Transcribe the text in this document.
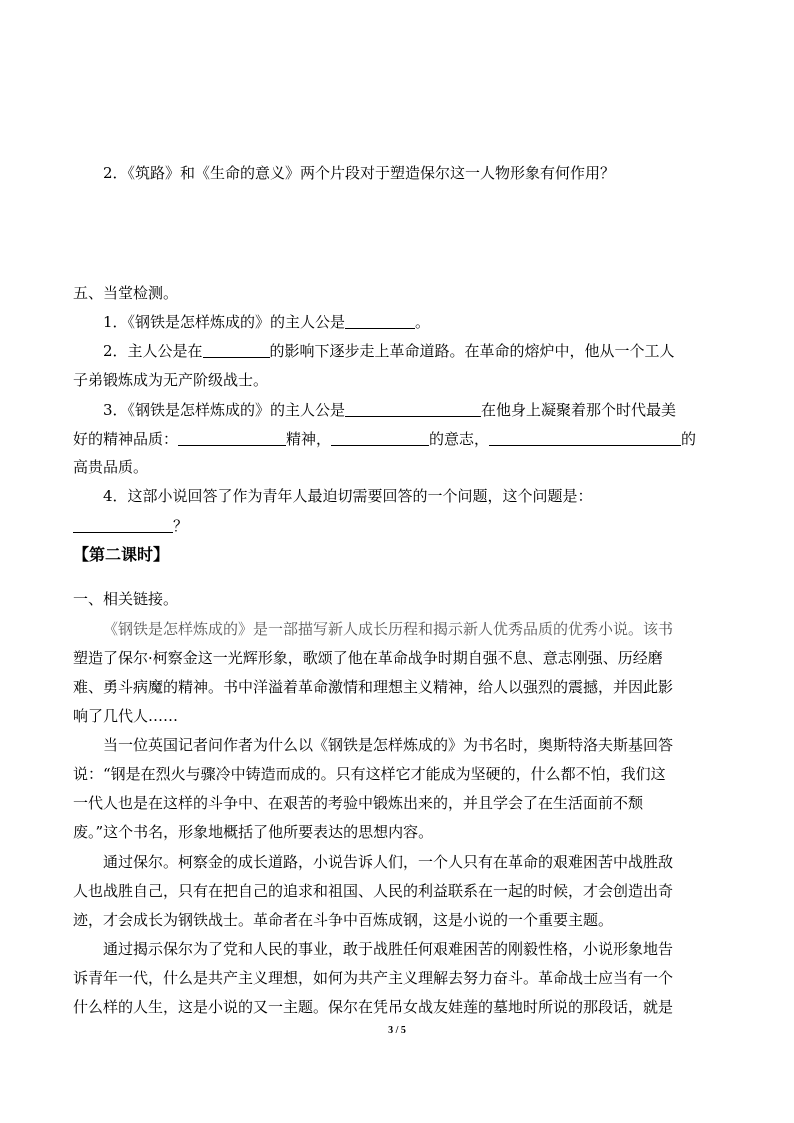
2．《筑路》和《生命的意义》两个片段对于塑造保尔这一人物形象有何作用？
五、当堂检测。
1．《钢铁是怎样炼成的》的主人公是	。
2．主人公是在	的影响下逐步走上革命道路。在革命的熔炉中，他从一个工人
子弟锻炼成为无产阶级战士。
3．《钢铁是怎样炼成的》的主人公是	在他身上凝聚着那个时代最美
好的精神品质：	精神，	的意志，	的
高贵品质。
4．这部小说回答了作为青年人最迫切需要回答的一个问题，这个问题是：
？
【第二课时】
一、相关链接。
《钢铁是怎样炼成的》是一部描写新人成长历程和揭示新人优秀品质的优秀小说。该书
塑造了保尔·柯察金这一光辉形象，歌颂了他在革命战争时期自强不息、意志刚强、历经磨
难、勇斗病魔的精神。书中洋溢着革命激情和理想主义精神，给人以强烈的震撼，并因此影
响了几代人……
当一位英国记者问作者为什么以《钢铁是怎样炼成的》为书名时，奥斯特洛夫斯基回答
说：“钢是在烈火与骤冷中铸造而成的。只有这样它才能成为坚硬的，什么都不怕，我们这
一代人也是在这样的斗争中、在艰苦的考验中锻炼出来的，并且学会了在生活面前不颓
废。”这个书名，形象地概括了他所要表达的思想内容。
通过保尔。柯察金的成长道路，小说告诉人们，一个人只有在革命的艰难困苦中战胜敌
人也战胜自己，只有在把自己的追求和祖国、人民的利益联系在一起的时候，才会创造出奇
迹，才会成长为钢铁战士。革命者在斗争中百炼成钢，这是小说的一个重要主题。
通过揭示保尔为了党和人民的事业，敢于战胜任何艰难困苦的刚毅性格，小说形象地告
诉青年一代，什么是共产主义理想，如何为共产主义理解去努力奋斗。革命战士应当有一个
什么样的人生，这是小说的又一主题。保尔在凭吊女战友娃莲的墓地时所说的那段话，就是
3 / 5
